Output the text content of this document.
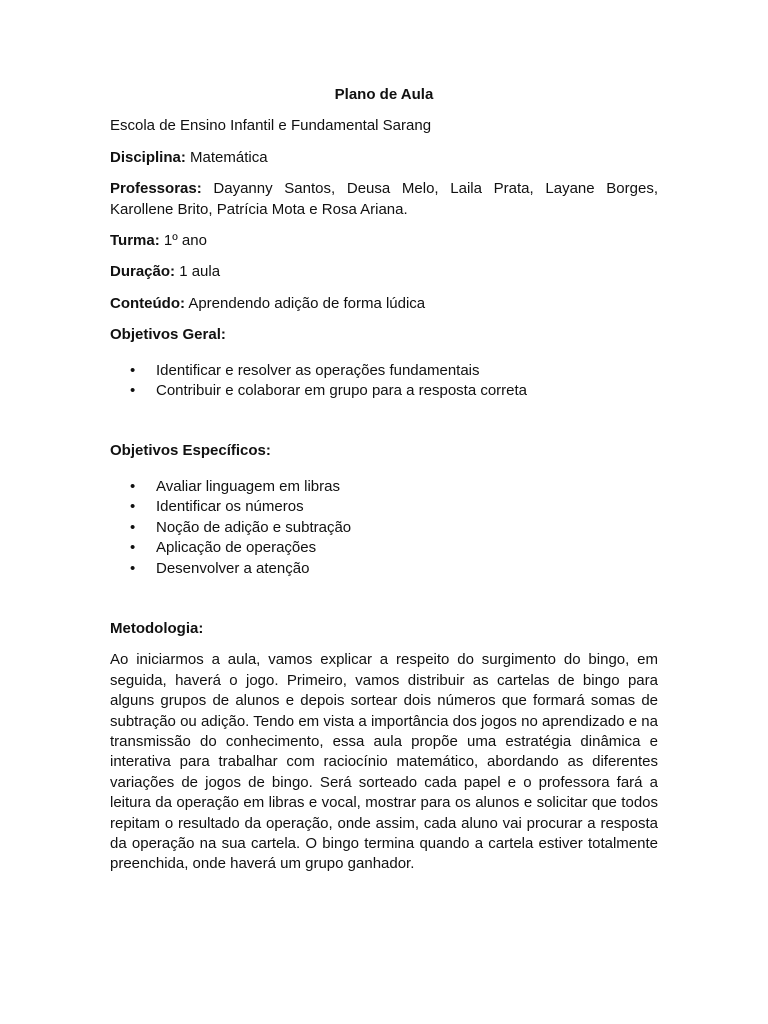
Plano de Aula

Escola de Ensino Infantil e Fundamental Sarang

Disciplina: Matemática

Professoras: Dayanny Santos, Deusa Melo, Laila Prata, Layane Borges, Karollene Brito, Patrícia Mota e Rosa Ariana.

Turma: 1º ano

Duração: 1 aula

Conteúdo: Aprendendo adição de forma lúdica

Objetivos Geral:
• Identificar e resolver as operações fundamentais
• Contribuir e colaborar em grupo para a resposta correta
Objetivos Específicos:
• Avaliar linguagem em libras
• Identificar os números
• Noção de adição e subtração
• Aplicação de operações
• Desenvolver a atenção
Metodologia:

Ao iniciarmos a aula, vamos explicar a respeito do surgimento do bingo, em seguida, haverá o jogo. Primeiro, vamos distribuir as cartelas de bingo para alguns grupos de alunos e depois sortear dois números que formará somas de subtração ou adição. Tendo em vista a importância dos jogos no aprendizado e na transmissão do conhecimento, essa aula propõe uma estratégia dinâmica e interativa para trabalhar com raciocínio matemático, abordando as diferentes variações de jogos de bingo. Será sorteado cada papel e o professora fará a leitura da operação em libras e vocal, mostrar para os alunos e solicitar que todos repitam o resultado da operação, onde assim, cada aluno vai procurar a resposta da operação na sua cartela. O bingo termina quando a cartela estiver totalmente preenchida, onde haverá um grupo ganhador.
